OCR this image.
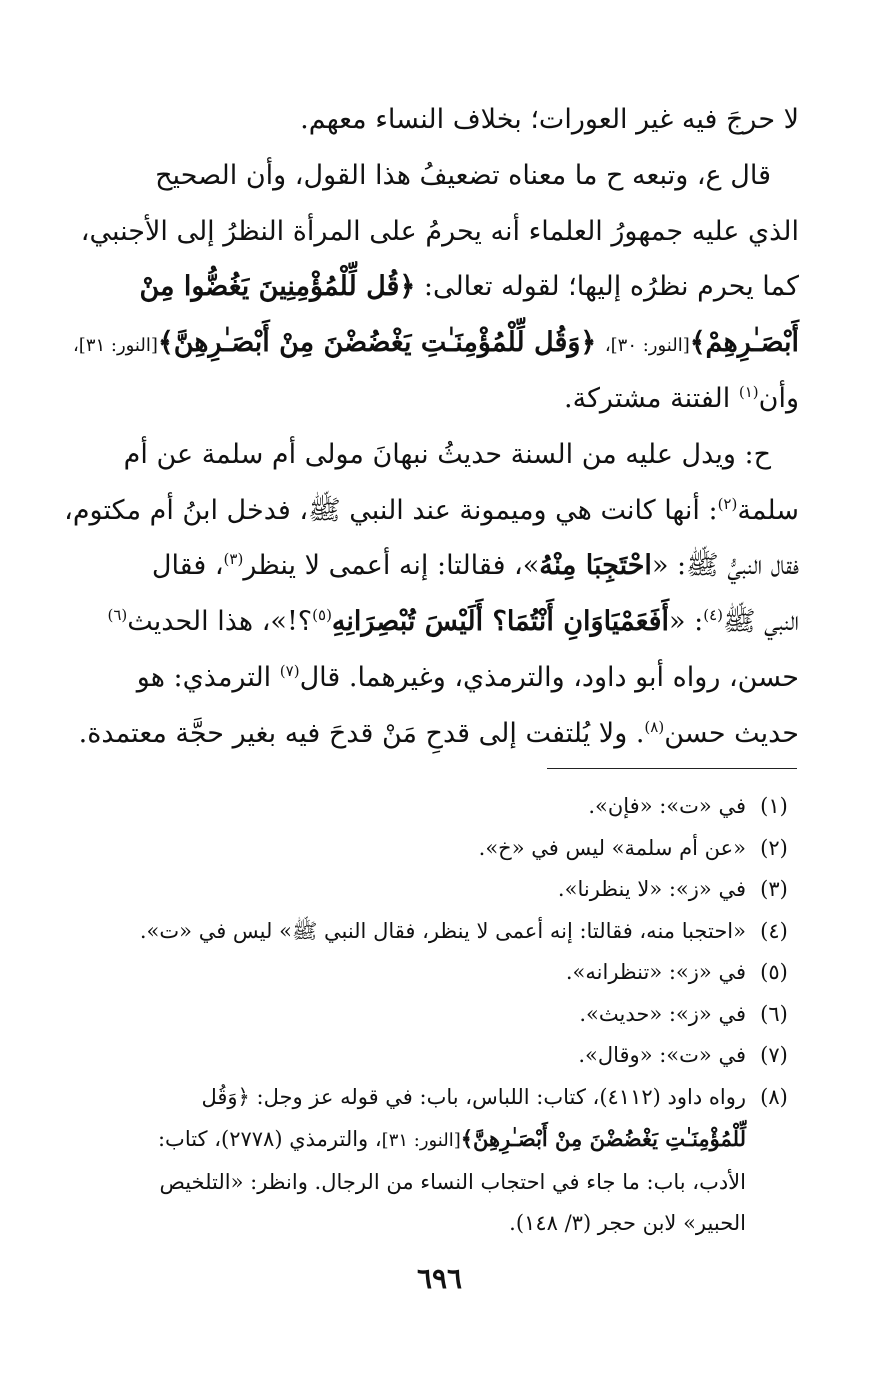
لا حرجَ فيه غير العورات؛ بخلاف النساء معهم.
قال ع، وتبعه ح ما معناه تضعيفُ هذا القول، وأن الصحيح
الذي عليه جمهورُ العلماء أنه يحرمُ على المرأة النظرُ إلى الأجنبي،
كما يحرم نظرُه إليها؛ لقوله تعالى: ﴿قُل لِّلْمُؤْمِنِينَ يَغُضُّوا مِنْ
أَبْصَـٰرِهِمْ﴾[النور: ٣٠]، ﴿وَقُل لِّلْمُؤْمِنَـٰتِ يَغْضُضْنَ مِنْ أَبْصَـٰرِهِنَّ﴾[النور: ٣١]،
وأن$^{(١)}$ الفتنة مشتركة.
ح: ويدل عليه من السنة حديثُ نبهانَ مولى أم سلمة عن أم
سلمة$^{(٢)}$: أنها كانت هي وميمونة عند النبي ﷺ، فدخل ابنُ أم مكتوم،
فقال النبيُّ ﷺ: «احْتَجِبَا مِنْهُ»، فقالتا: إنه أعمى لا ينظر$^{(٣)}$، فقال
النبي ﷺ$^{(٤)}$: «أَفَعَمْيَاوَانِ أَنْتُمَا؟ أَلَيْسَ تُبْصِرَانِهِ$^{(٥)}$؟!»، هذا الحديث$^{(٦)}$
حسن، رواه أبو داود، والترمذي، وغيرهما. قال$^{(٧)}$ الترمذي: هو
حديث حسن$^{(٨)}$. ولا يُلتفت إلى قدحِ مَنْ قدحَ فيه بغير حجَّة معتمدة.
(١)
في «ت»: «فإن».
(٢)
«عن أم سلمة» ليس في «خ».
(٣)
في «ز»: «لا ينظرنا».
(٤)
«احتجبا منه، فقالتا: إنه أعمى لا ينظر، فقال النبي ﷺ» ليس في «ت».
(٥)
في «ز»: «تنظرانه».
(٦)
في «ز»: «حديث».
(٧)
في «ت»: «وقال».
(٨)
رواه داود (٤١١٢)، كتاب: اللباس، باب: في قوله عز وجل: ﴿وَقُل
لِّلْمُؤْمِنَـٰتِ يَغْضُضْنَ مِنْ أَبْصَـٰرِهِنَّ﴾[النور: ٣١]، والترمذي (٢٧٧٨)، كتاب:
الأدب، باب: ما جاء في احتجاب النساء من الرجال. وانظر: «التلخيص
الحبير» لابن حجر (٣/ ١٤٨).
٦٩٦
